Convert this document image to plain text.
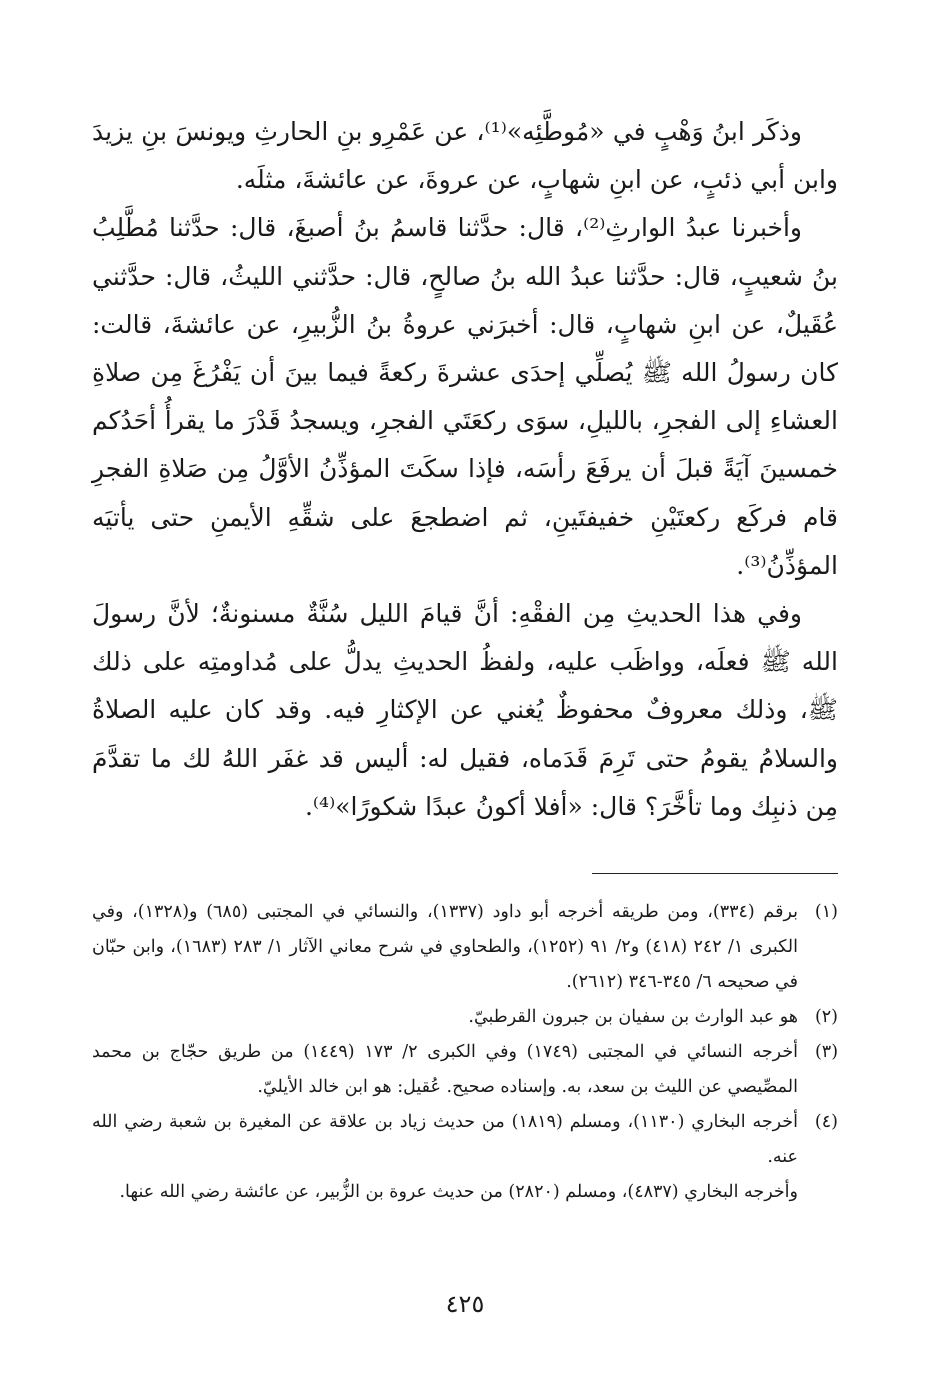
وذكَر ابنُ وَهْبٍ في «مُوطَّئِه»⁽¹⁾، عن عَمْرِو بنِ الحارثِ ويونسَ بنِ يزيدَ وابن أبي ذئبٍ، عن ابنِ شهابٍ، عن عروةَ، عن عائشةَ، مثلَه.

وأخبرنا عبدُ الوارثِ⁽²⁾، قال: حدَّثنا قاسمُ بنُ أصبغَ، قال: حدَّثنا مُطَّلِبُ بنُ شعيبٍ، قال: حدَّثنا عبدُ الله بنُ صالحٍ، قال: حدَّثني الليثُ، قال: حدَّثني عُقَيلٌ، عن ابنِ شهابٍ، قال: أخبرَني عروةُ بنُ الزُّبيرِ، عن عائشةَ، قالت: كان رسولُ الله ﷺ يُصلِّي إحدَى عشرةَ ركعةً فيما بينَ أن يَفْرُغَ مِن صلاةِ العشاءِ إلى الفجرِ، بالليلِ، سوَى ركعَتَي الفجرِ، ويسجدُ قَدْرَ ما يقرأُ أحَدُكم خمسينَ آيَةً قبلَ أن يرفَعَ رأسَه، فإذا سكَتَ المؤذِّنُ الأوَّلُ مِن صَلاةِ الفجرِ قام فركَع ركعتَيْنِ خفيفتَينِ، ثم اضطجعَ على شقِّهِ الأيمنِ حتى يأتيَه المؤذِّنُ⁽³⁾.

وفي هذا الحديثِ مِن الفقْهِ: أنَّ قيامَ الليل سُنَّةٌ مسنونةٌ؛ لأنَّ رسولَ الله ﷺ فعلَه، وواظَب عليه، ولفظُ الحديثِ يدلُّ على مُداومتِه على ذلك ﷺ، وذلك معروفٌ محفوظٌ يُغني عن الإكثارِ فيه. وقد كان عليه الصلاةُ والسلامُ يقومُ حتى تَرِمَ قَدَماه، فقيل له: أليس قد غفَر اللهُ لك ما تقدَّمَ مِن ذنبِك وما تأخَّرَ؟ قال: «أفلا أكونُ عبدًا شكورًا»⁽⁴⁾.

(١)برقم (٣٣٤)، ومن طريقه أخرجه أبو داود (١٣٣٧)، والنسائي في المجتبى (٦٨٥) و(١٣٢٨)، وفي الكبرى ١/ ٢٤٢ (٤١٨) و٢/ ٩١ (١٢٥٢)، والطحاوي في شرح معاني الآثار ١/ ٢٨٣ (١٦٨٣)، وابن حبّان في صحيحه ٦/ ٣٤٥-٣٤٦ (٢٦١٢).

(٢)هو عبد الوارث بن سفيان بن جبرون القرطبيّ.

(٣)أخرجه النسائي في المجتبى (١٧٤٩) وفي الكبرى ٢/ ١٧٣ (١٤٤٩) من طريق حجّاج بن محمد المصِّيصي عن الليث بن سعد، به. وإسناده صحيح. عُقيل: هو ابن خالد الأيليّ.

(٤)أخرجه البخاري (١١٣٠)، ومسلم (١٨١٩) من حديث زياد بن علاقة عن المغيرة بن شعبة رضي الله عنه.

وأخرجه البخاري (٤٨٣٧)، ومسلم (٢٨٢٠) من حديث عروة بن الزُّبير، عن عائشة رضي الله عنها.

٤٢٥
